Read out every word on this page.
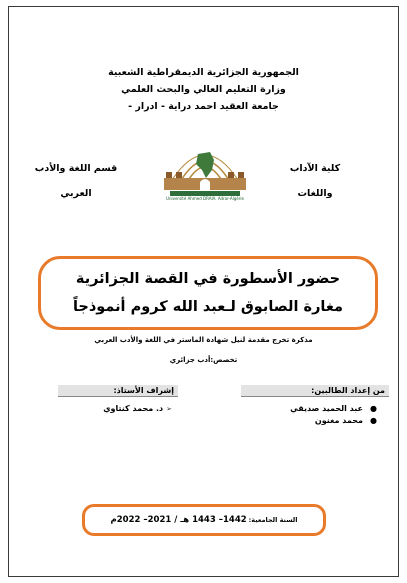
الجمهورية الجزائرية الديمقراطية الشعبية
وزارة التعليم العالي والبحث العلمي
جامعة العقيد احمد دراية - ادرار -
كلية الآداب
واللغات
قسم اللغة والأدب
العربي	Université Ahmed DRAIA. Adrar-Algérie
حضور الأسطورة في القصة الجزائرية
مغارة الصابوق لـعبد الله كروم أنموذجاً
مذكرة تخرج مقدمة لنيل شهادة الماستر في اللغة والأدب العربي
تخصص:أدب جزائري
من إعداد الطالبين:
●
عبد الحميد صديقي
●
محمد مغنون
إشراف الأستاذ:
➢د. محمد كنتاوي
السنة الجامعية:
1442– 1443 هـ / 2021– 2022م
